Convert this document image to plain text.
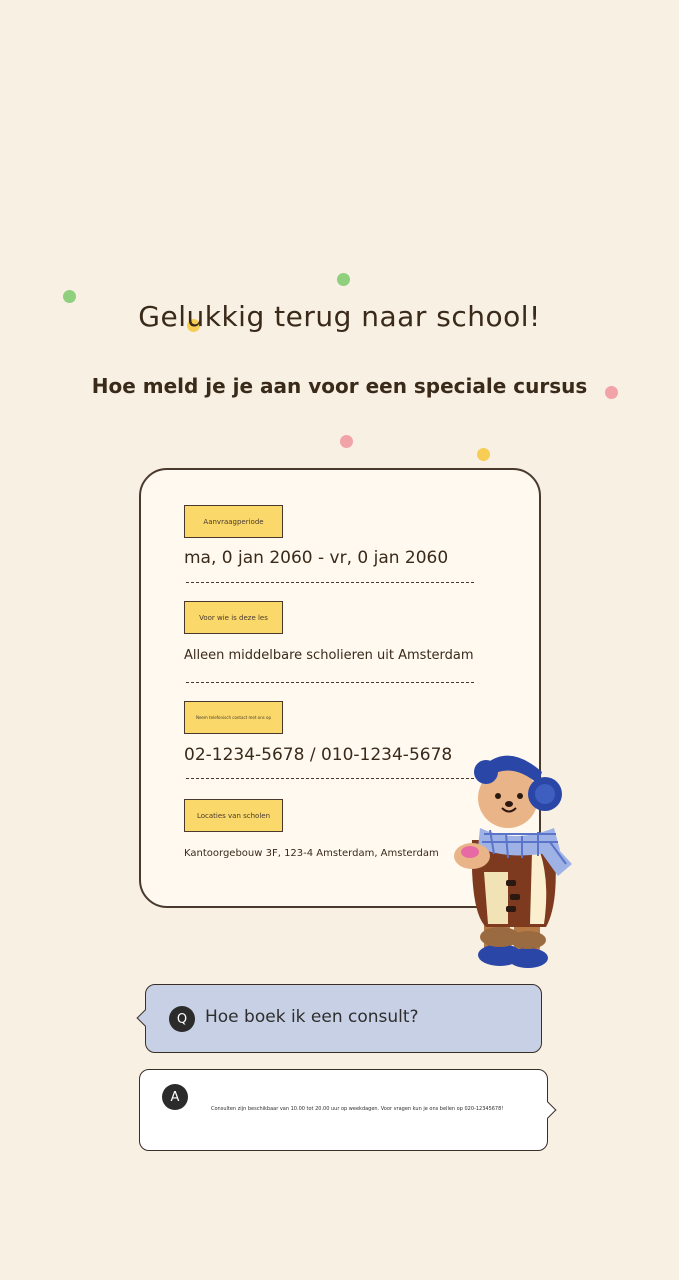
Gelukkig terug naar school!
Hoe meld je je aan voor een speciale cursus
Aanvraagperiode
ma, 0 jan 2060 - vr, 0 jan 2060
Voor wie is deze les
Alleen middelbare scholieren uit Amsterdam
Neem telefonisch contact met ons op
02-1234-5678 / 010-1234-5678
Locaties van scholen
Kantoorgebouw 3F, 123-4 Amsterdam, Amsterdam
Q	Hoe boek ik een consult?
A
Consulten zijn beschikbaar van 10.00 tot 20.00 uur op weekdagen. Voor vragen kun je ons bellen op 020-12345678!
